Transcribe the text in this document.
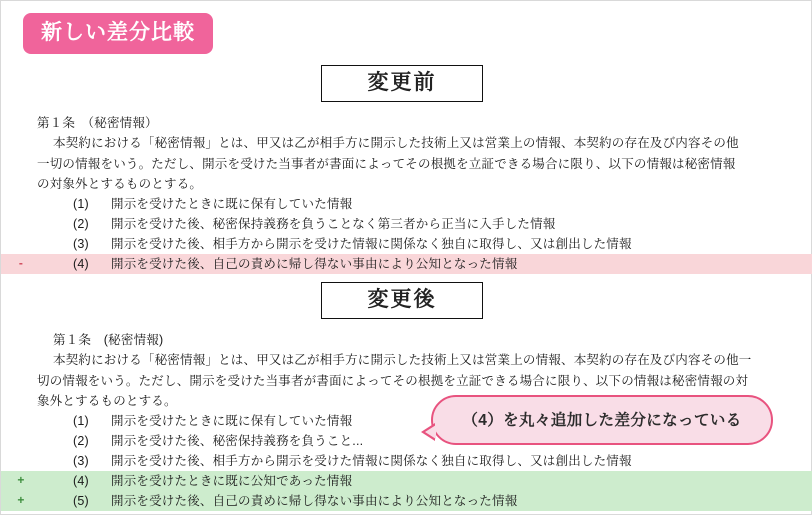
新しい差分比較
変更前
第１条　（秘密情報）
本契約における「秘密情報」とは、甲又は乙が相手方に開示した技術上又は営業上の情報、本契約の存在及び内容その他
一切の情報をいう。ただし、開示を受けた当事者が書面によってその根拠を立証できる場合に限り、以下の情報は秘密情報
の対象外とするものとする。
(1) 開示を受けたときに既に保有していた情報
(2) 開示を受けた後、秘密保持義務を負うことなく第三者から正当に入手した情報
(3) 開示を受けた後、相手方から開示を受けた情報に関係なく独自に取得し、又は創出した情報
-	(4) 開示を受けた後、自己の責めに帰し得ない事由により公知となった情報
変更後
第１条　(秘密情報)
本契約における「秘密情報」とは、甲又は乙が相手方に開示した技術上又は営業上の情報、本契約の存在及び内容その他一
切の情報をいう。ただし、開示を受けた当事者が書面によってその根拠を立証できる場合に限り、以下の情報は秘密情報の対
象外とするものとする。
(1) 開示を受けたときに既に保有していた情報
(2) 開示を受けた後、秘密保持義務を負うこと...
(3) 開示を受けた後、相手方から開示を受けた情報に関係なく独自に取得し、又は創出した情報
+	(4) 開示を受けたときに既に公知であった情報
+	(5) 開示を受けた後、自己の責めに帰し得ない事由により公知となった情報
（4）を丸々追加した差分になっている
